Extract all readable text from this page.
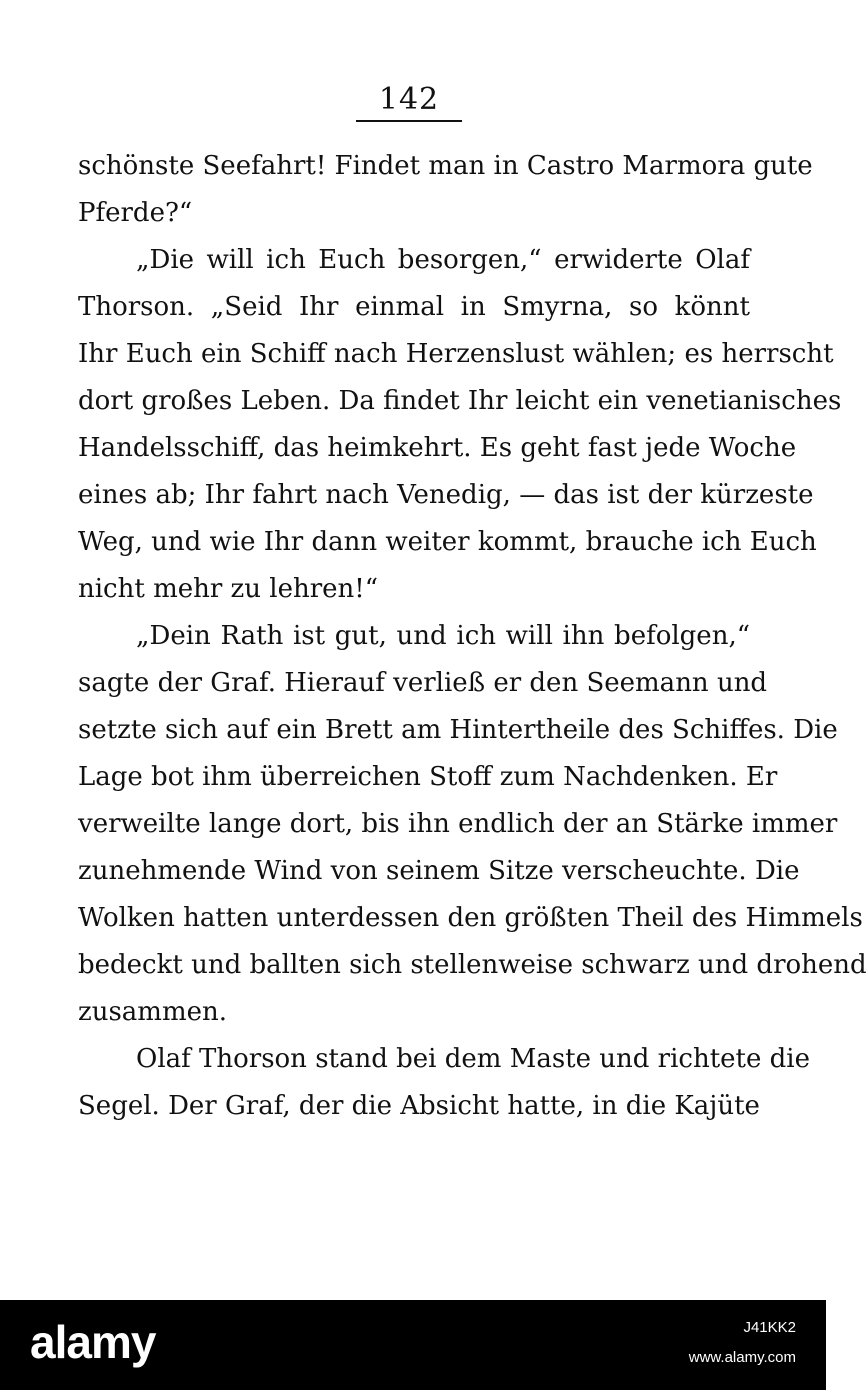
142
schönste Seefahrt! Findet man in Castro Marmora gute
Pferde?“
„Die will ich Euch besorgen,“ erwiderte Olaf
Thorson. „Seid Ihr einmal in Smyrna, so könnt
Ihr Euch ein Schiff nach Herzenslust wählen; es herrscht
dort großes Leben. Da findet Ihr leicht ein venetianisches
Handelsschiff, das heimkehrt. Es geht fast jede Woche
eines ab; Ihr fahrt nach Venedig, — das ist der kürzeste
Weg, und wie Ihr dann weiter kommt, brauche ich Euch
nicht mehr zu lehren!“
„Dein Rath ist gut, und ich will ihn befolgen,“
sagte der Graf. Hierauf verließ er den Seemann und
setzte sich auf ein Brett am Hintertheile des Schiffes. Die
Lage bot ihm überreichen Stoff zum Nachdenken. Er
verweilte lange dort, bis ihn endlich der an Stärke immer
zunehmende Wind von seinem Sitze verscheuchte. Die
Wolken hatten unterdessen den größten Theil des Himmels
bedeckt und ballten sich stellenweise schwarz und drohend
zusammen.
Olaf Thorson stand bei dem Maste und richtete die
Segel. Der Graf, der die Absicht hatte, in die Kajüte
alamy	J41KK2
www.alamy.com
